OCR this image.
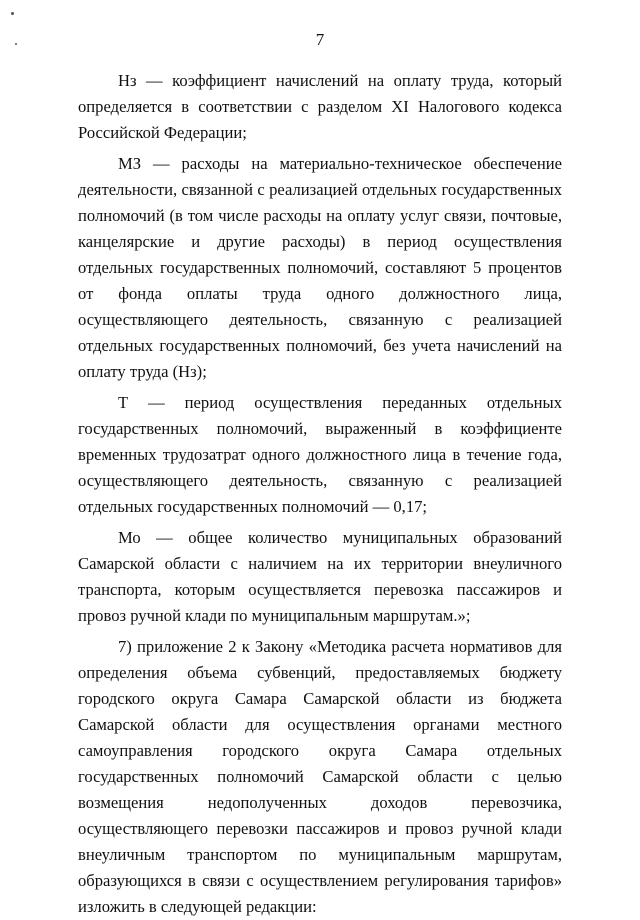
7

Нз — коэффициент начислений на оплату труда, который определяется в соответствии с разделом XI Налогового кодекса Российской Федерации;

МЗ — расходы на материально-техническое обеспечение деятельности, связанной с реализацией отдельных государственных полномочий (в том числе расходы на оплату услуг связи, почтовые, канцелярские и другие расходы) в период осуществления отдельных государственных полномочий, составляют 5 процентов от фонда оплаты труда одного должностного лица, осуществляющего деятельность, связанную с реализацией отдельных государственных полномочий, без учета начислений на оплату труда (Нз);

Т — период осуществления переданных отдельных государственных полномочий, выраженный в коэффициенте временных трудозатрат одного должностного лица в течение года, осуществляющего деятельность, связанную с реализацией отдельных государственных полномочий — 0,17;

Мо — общее количество муниципальных образований Самарской области с наличием на их территории внеуличного транспорта, которым осуществляется перевозка пассажиров и провоз ручной клади по муниципальным маршрутам.»;

7) приложение 2 к Закону «Методика расчета нормативов для определения объема субвенций, предоставляемых бюджету городского округа Самара Самарской области из бюджета Самарской области для осуществления органами местного самоуправления городского округа Самара отдельных государственных полномочий Самарской области с целью возмещения недополученных доходов перевозчика, осуществляющего перевозки пассажиров и провоз ручной клади внеуличным транспортом по муниципальным маршрутам, образующихся в связи с осуществлением регулирования тарифов» изложить в следующей редакции:
